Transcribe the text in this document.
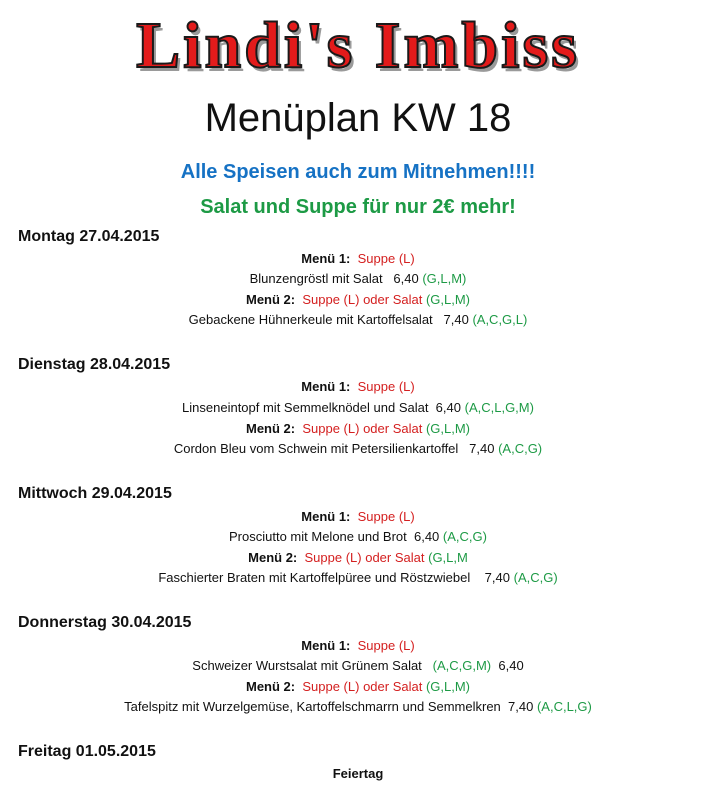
Lindi's Imbiss
Menüplan KW 18
Alle Speisen auch zum Mitnehmen!!!!
Salat und Suppe für nur 2€ mehr!
Montag 27.04.2015
Menü 1: Suppe (L)
Blunzengröstl mit Salat   6,40 (G,L,M)
Menü 2: Suppe (L) oder Salat (G,L,M)
Gebackene Hühnerkeule mit Kartoffelsalat   7,40 (A,C,G,L)
Dienstag 28.04.2015
Menü 1: Suppe (L)
Linseneintopf mit Semmelknödel und Salat  6,40 (A,C,L,G,M)
Menü 2: Suppe (L) oder Salat (G,L,M)
Cordon Bleu vom Schwein mit Petersilienkartoffel   7,40 (A,C,G)
Mittwoch 29.04.2015
Menü 1: Suppe (L)
Prosciutto mit Melone und Brot  6,40 (A,C,G)
Menü 2: Suppe (L) oder Salat (G,L,M
Faschierter Braten mit Kartoffelpüree und Röstzwiebel    7,40 (A,C,G)
Donnerstag 30.04.2015
Menü 1: Suppe (L)
Schweizer Wurstsalat mit Grünem Salat (A,C,G,M) 6,40
Menü 2: Suppe (L) oder Salat (G,L,M)
Tafelspitz mit Wurzelgemüse, Kartoffelschmarrn und Semmelkren  7,40 (A,C,L,G)
Freitag 01.05.2015
Feiertag
